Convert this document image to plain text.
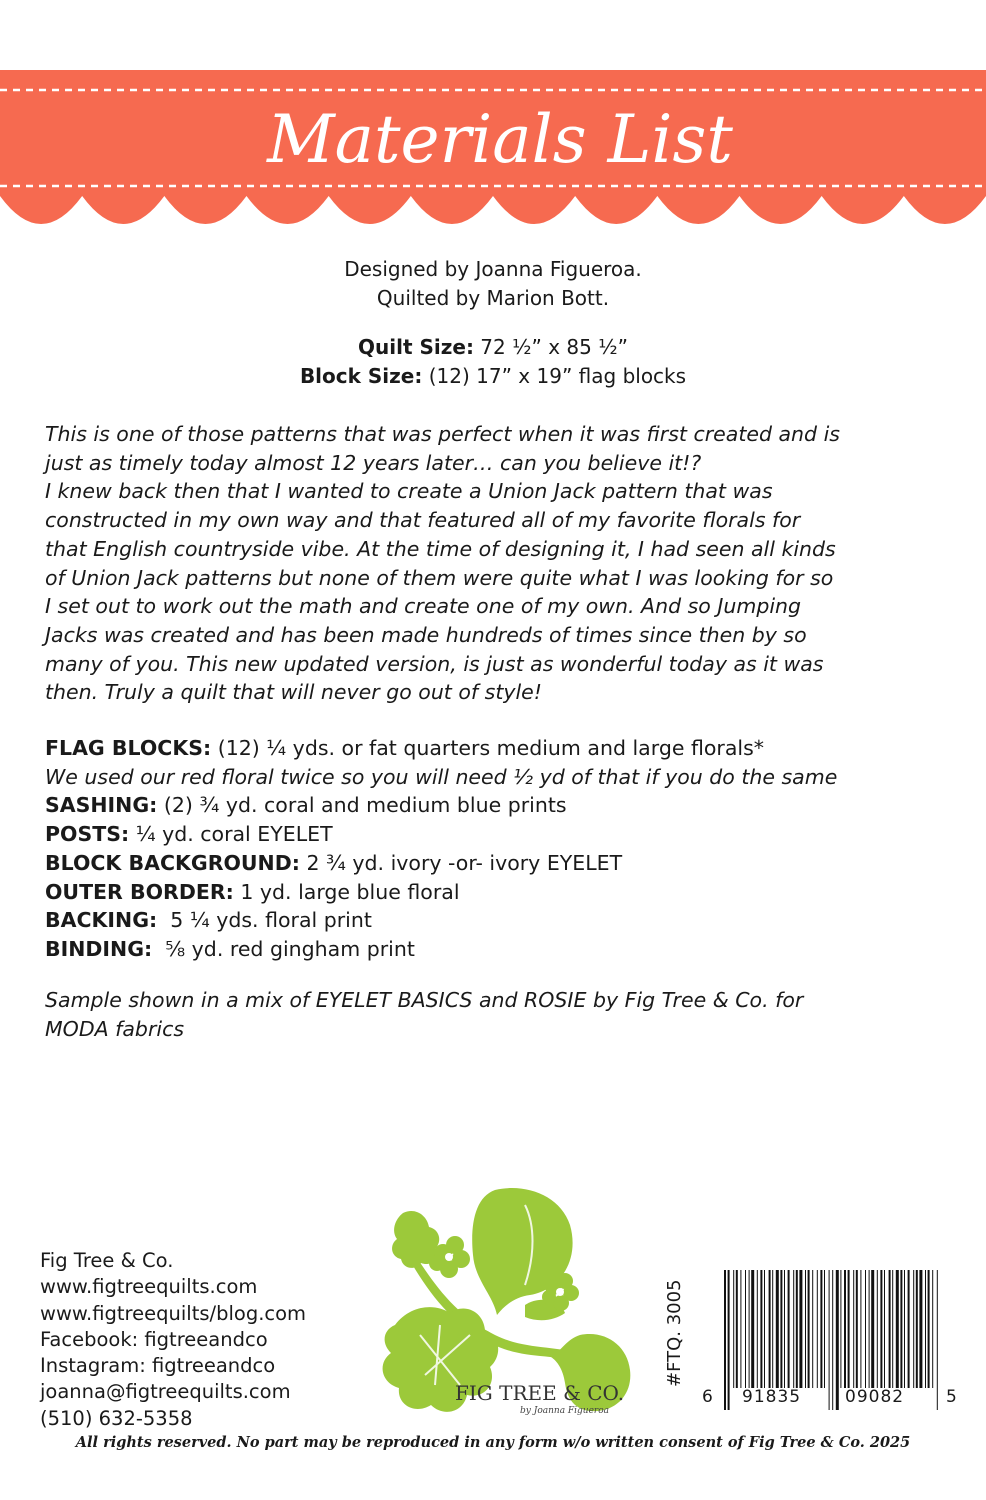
Materials List
Designed by Joanna Figueroa.
Quilted by Marion Bott.
Quilt Size: 72 ½” x 85 ½”
Block Size: (12) 17” x 19” flag blocks
This is one of those patterns that was perfect when it was first created and is
just as timely today almost 12 years later… can you believe it!?
I knew back then that I wanted to create a Union Jack pattern that was
constructed in my own way and that featured all of my favorite florals for
that English countryside vibe. At the time of designing it, I had seen all kinds
of Union Jack patterns but none of them were quite what I was looking for so
I set out to work out the math and create one of my own. And so Jumping
Jacks was created and has been made hundreds of times since then by so
many of you. This new updated version, is just as wonderful today as it was
then. Truly a quilt that will never go out of style!
FLAG BLOCKS: (12) ¼ yds. or fat quarters medium and large florals*
We used our red floral twice so you will need ½ yd of that if you do the same
SASHING: (2) ¾ yd. coral and medium blue prints
POSTS: ¼ yd. coral EYELET
BLOCK BACKGROUND: 2 ¾ yd. ivory -or- ivory EYELET
OUTER BORDER: 1 yd. large blue floral
BACKING:  5 ¼ yds. floral print
BINDING:  ⅝ yd. red gingham print
Sample shown in a mix of EYELET BASICS and ROSIE by Fig Tree & Co. for
MODA fabrics
Fig Tree & Co.
www.figtreequilts.com
www.figtreequilts/blog.com
Facebook: figtreeandco
Instagram: figtreeandco
joanna@figtreequilts.com
(510) 632-5358
FIG TREE & CO.
by Joanna Figueroa
#FTQ. 3005
6 91835	09082 5
All rights reserved. No part may be reproduced in any form w/o written consent of Fig Tree & Co. 2025
